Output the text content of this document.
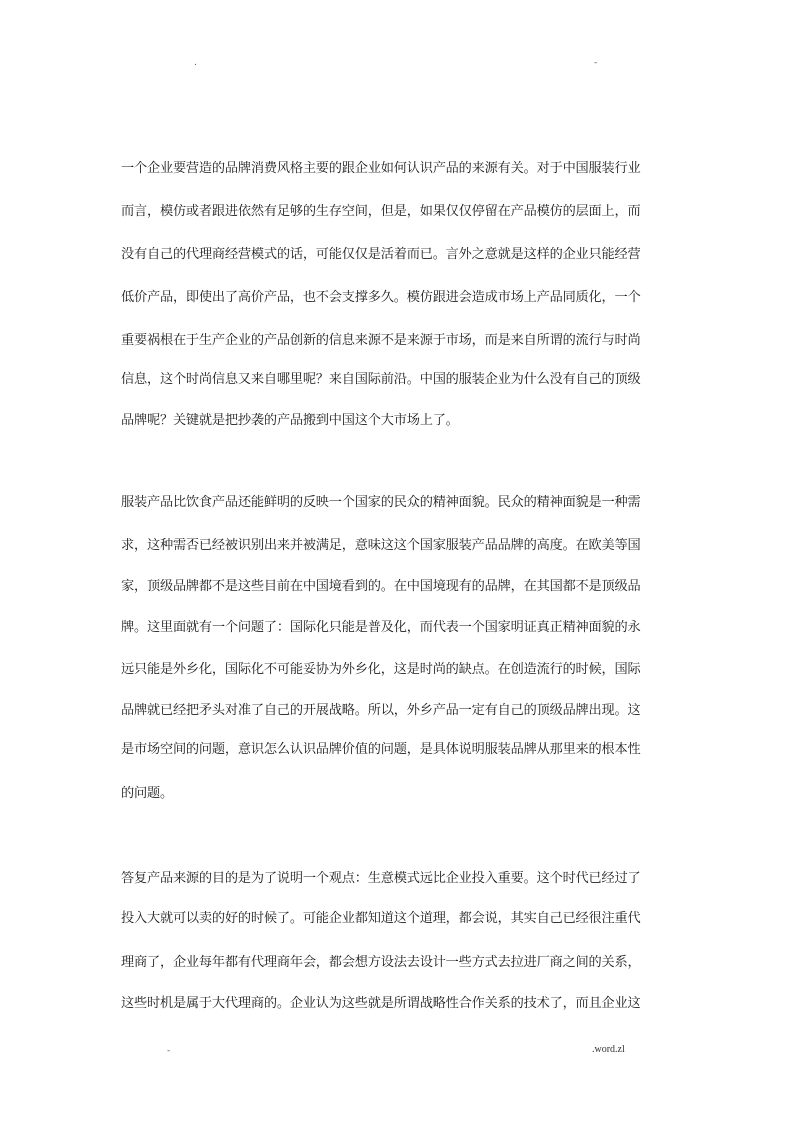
.	-
一个企业要营造的品牌消费风格主要的跟企业如何认识产品的来源有关。对于中国服装行业
而言，模仿或者跟进依然有足够的生存空间，但是，如果仅仅停留在产品模仿的层面上，而
没有自己的代理商经营模式的话，可能仅仅是活着而已。言外之意就是这样的企业只能经营
低价产品，即使出了高价产品，也不会支撑多久。模仿跟进会造成市场上产品同质化，一个
重要祸根在于生产企业的产品创新的信息来源不是来源于市场，而是来自所谓的流行与时尚
信息，这个时尚信息又来自哪里呢？来自国际前沿。中国的服装企业为什么没有自己的顶级
品牌呢？关键就是把抄袭的产品搬到中国这个大市场上了。
服装产品比饮食产品还能鲜明的反映一个国家的民众的精神面貌。民众的精神面貌是一种需
求，这种需否已经被识别出来并被满足，意味这这个国家服装产品品牌的高度。在欧美等国
家，顶级品牌都不是这些目前在中国境看到的。在中国境现有的品牌，在其国都不是顶级品
牌。这里面就有一个问题了：国际化只能是普及化，而代表一个国家明证真正精神面貌的永
远只能是外乡化，国际化不可能妥协为外乡化，这是时尚的缺点。在创造流行的时候，国际
品牌就已经把矛头对准了自己的开展战略。所以，外乡产品一定有自己的顶级品牌出现。这
是市场空间的问题，意识怎么认识品牌价值的问题，是具体说明服装品牌从那里来的根本性
的问题。
答复产品来源的目的是为了说明一个观点：生意模式远比企业投入重要。这个时代已经过了
投入大就可以卖的好的时候了。可能企业都知道这个道理，都会说，其实自己已经很注重代
理商了，企业每年都有代理商年会，都会想方设法去设计一些方式去拉进厂商之间的关系，
这些时机是属于大代理商的。企业认为这些就是所谓战略性合作关系的技术了，而且企业这
-	.word.zl
